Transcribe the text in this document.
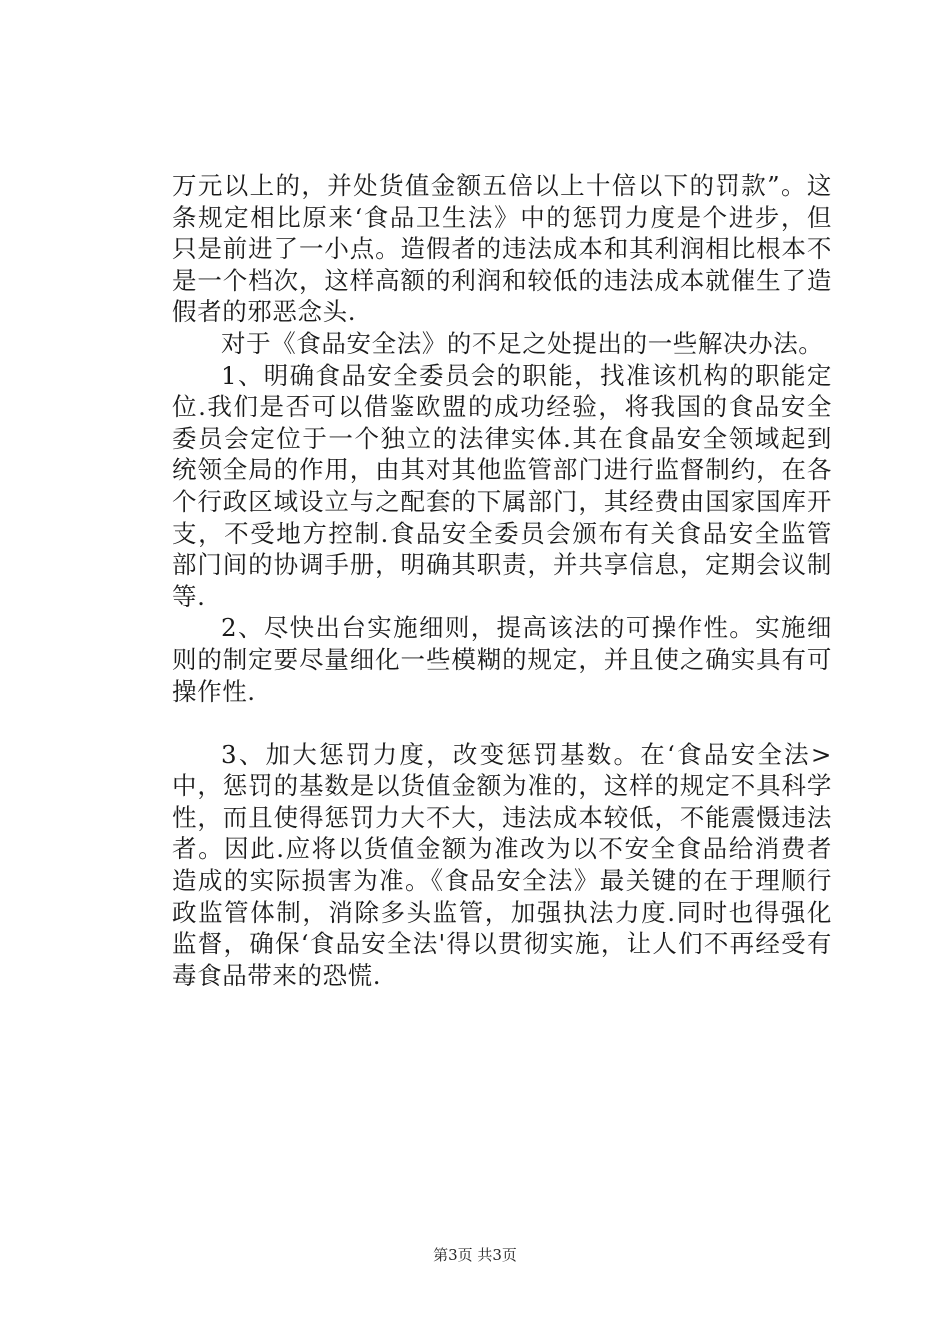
万元以上的，并处货值金额五倍以上十倍以下的罚款”。这条规定相比原来‘食品卫生法》中的惩罚力度是个进步，但只是前进了一小点。造假者的违法成本和其利润相比根本不是一个档次，这样高额的利润和较低的违法成本就催生了造假者的邪恶念头.

对于《食品安全法》的不足之处提出的一些解决办法。

1、明确食品安全委员会的职能，找准该机构的职能定位.我们是否可以借鉴欧盟的成功经验，将我国的食品安全委员会定位于一个独立的法律实体.其在食晶安全领域起到统领全局的作用，由其对其他监管部门进行监督制约，在各个行政区域设立与之配套的下属部门，其经费由国家国库开支，不受地方控制.食品安全委员会颁布有关食品安全监管部门间的协调手册，明确其职责，并共享信息，定期会议制等.

2、尽快出台实施细则，提高该法的可操作性。实施细则的制定要尽量细化一些模糊的规定，并且使之确实具有可操作性.

3、加大惩罚力度，改变惩罚基数。在‘食品安全法>中，惩罚的基数是以货值金额为准的，这样的规定不具科学性，而且使得惩罚力大不大，违法成本较低，不能震慑违法者。因此.应将以货值金额为准改为以不安全食品给消费者造成的实际损害为准。《食品安全法》最关键的在于理顺行政监管体制，消除多头监管，加强执法力度.同时也得强化监督，确保‘食品安全法'得以贯彻实施，让人们不再经受有毒食品带来的恐慌.

第3页 共3页
